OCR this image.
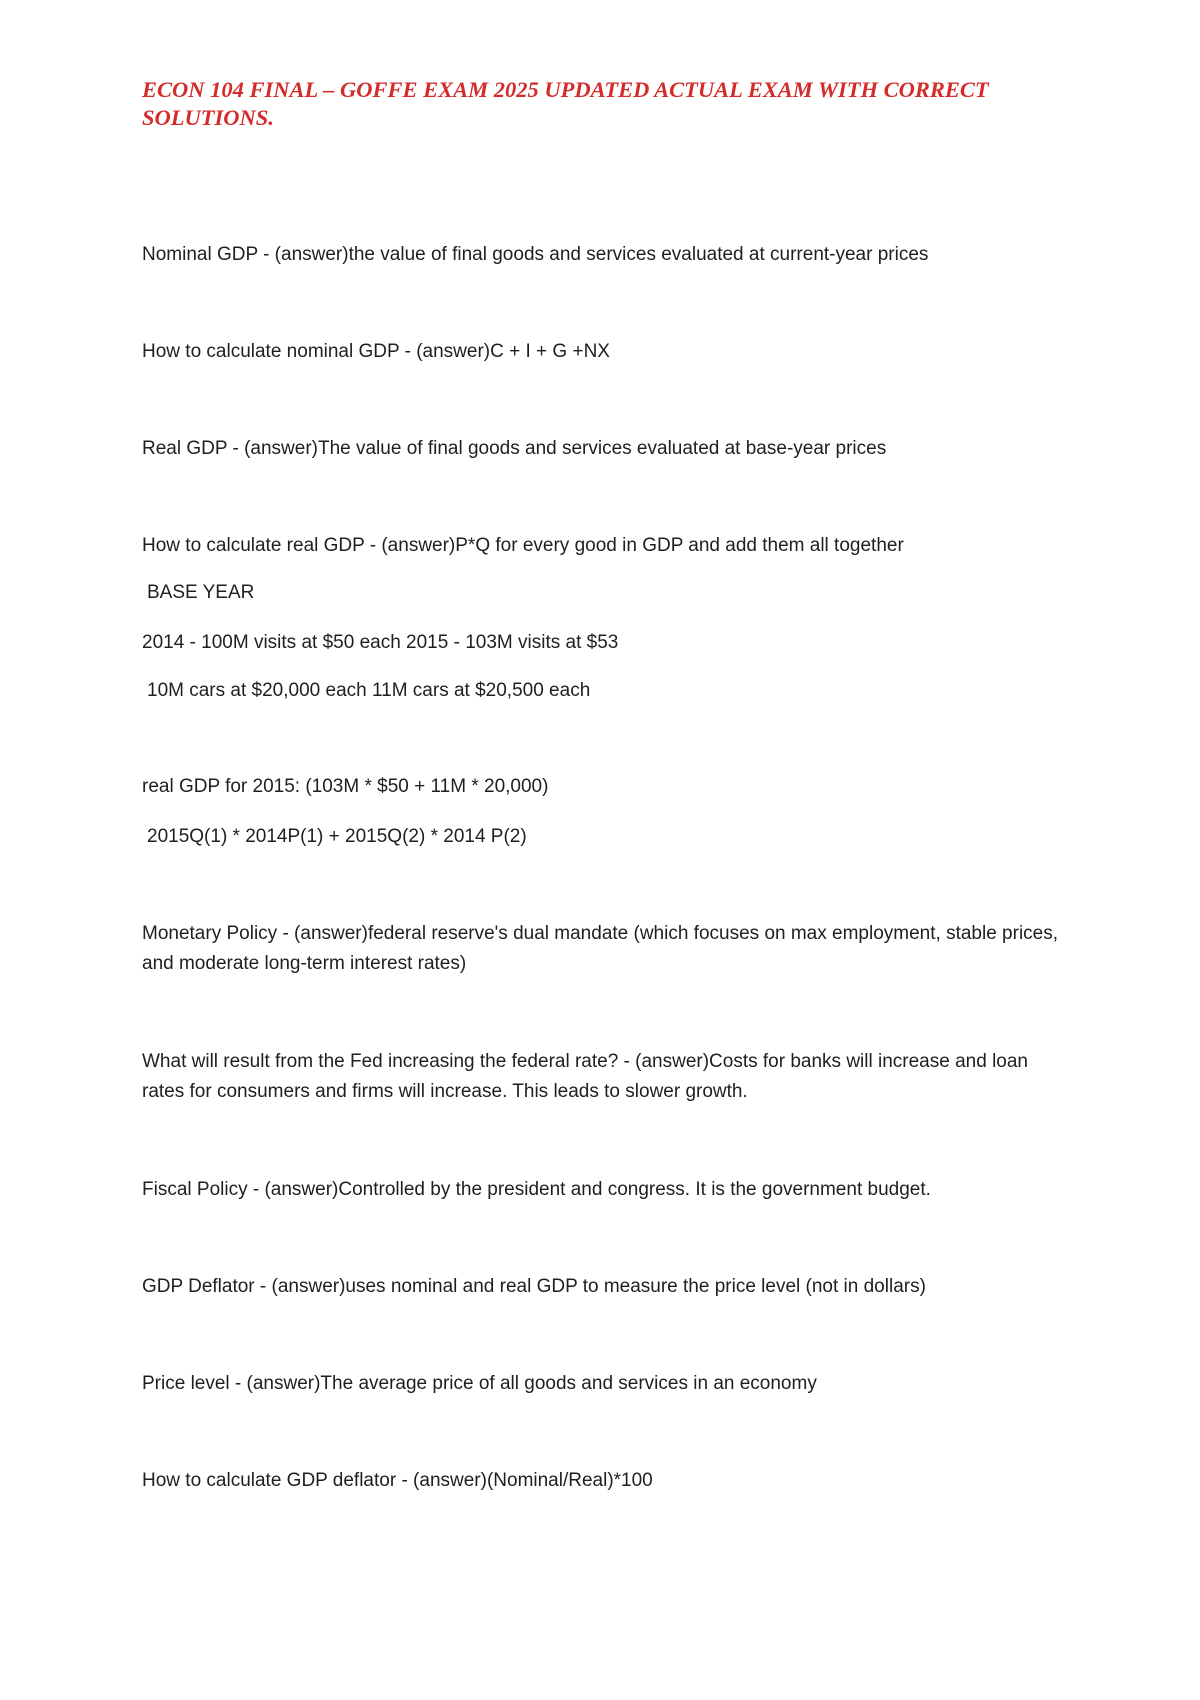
ECON 104 FINAL – GOFFE EXAM 2025 UPDATED ACTUAL EXAM WITH CORRECT SOLUTIONS.

Nominal GDP - (answer)the value of final goods and services evaluated at current-year prices

How to calculate nominal GDP - (answer)C + I + G +NX

Real GDP - (answer)The value of final goods and services evaluated at base-year prices

How to calculate real GDP - (answer)P*Q for every good in GDP and add them all together

BASE YEAR

2014 - 100M visits at $50 each 2015 - 103M visits at $53

10M cars at $20,000 each 11M cars at $20,500 each

real GDP for 2015: (103M * $50 + 11M * 20,000)

2015Q(1) * 2014P(1) + 2015Q(2) * 2014 P(2)

Monetary Policy - (answer)federal reserve's dual mandate (which focuses on max employment, stable prices, and moderate long-term interest rates)

What will result from the Fed increasing the federal rate? - (answer)Costs for banks will increase and loan rates for consumers and firms will increase. This leads to slower growth.

Fiscal Policy - (answer)Controlled by the president and congress. It is the government budget.

GDP Deflator - (answer)uses nominal and real GDP to measure the price level (not in dollars)

Price level - (answer)The average price of all goods and services in an economy

How to calculate GDP deflator - (answer)(Nominal/Real)*100
